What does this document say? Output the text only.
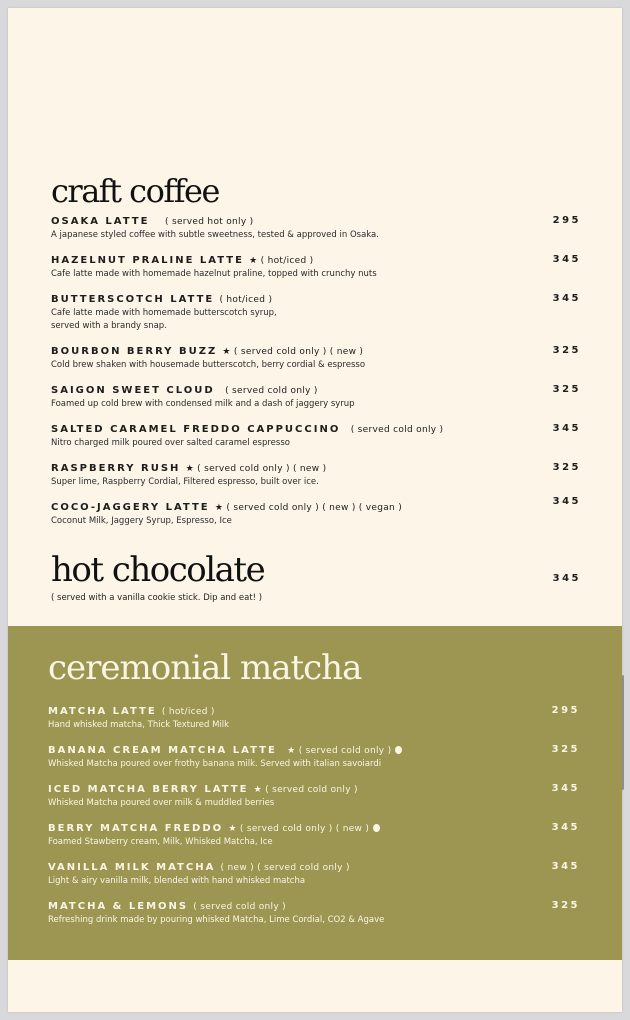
craft coffee
OSAKA LATTE ( served hot only )
A japanese styled coffee with subtle sweetness, tested & approved in Osaka.
295
HAZELNUT PRALINE LATTE ★ ( hot/iced )
Cafe latte made with homemade hazelnut praline, topped with crunchy nuts
345
BUTTERSCOTCH LATTE ( hot/iced )
Cafe latte made with homemade butterscotch syrup,
served with a brandy snap.
345
BOURBON BERRY BUZZ ★ ( served cold only ) ( new )
Cold brew shaken with housemade butterscotch, berry cordial & espresso
325
SAIGON SWEET CLOUD ( served cold only )
Foamed up cold brew with condensed milk and a dash of jaggery syrup
325
SALTED CARAMEL FREDDO CAPPUCCINO ( served cold only )
Nitro charged milk poured over salted caramel espresso
345
RASPBERRY RUSH ★ ( served cold only ) ( new )
Super lime, Raspberry Cordial, Filtered espresso, built over ice.
325
COCO-JAGGERY LATTE ★ ( served cold only ) ( new ) ( vegan )
Coconut Milk, Jaggery Syrup, Espresso, Ice
345
hot chocolate
( served with a vanilla cookie stick. Dip and eat! )
345
ceremonial matcha
MATCHA LATTE ( hot/iced )
Hand whisked matcha, Thick Textured Milk
295
BANANA CREAM MATCHA LATTE ★ ( served cold only )
Whisked Matcha poured over frothy banana milk. Served with italian savoiardi
325
ICED MATCHA BERRY LATTE ★ ( served cold only )
Whisked Matcha poured over milk & muddled berries
345
BERRY MATCHA FREDDO ★ ( served cold only ) ( new )
Foamed Stawberry cream, Milk, Whisked Matcha, Ice
345
VANILLA MILK MATCHA ( new ) ( served cold only )
Light & airy vanilla milk, blended with hand whisked matcha
345
MATCHA & LEMONS ( served cold only )
Refreshing drink made by pouring whisked Matcha, Lime Cordial, CO2 & Agave
325
